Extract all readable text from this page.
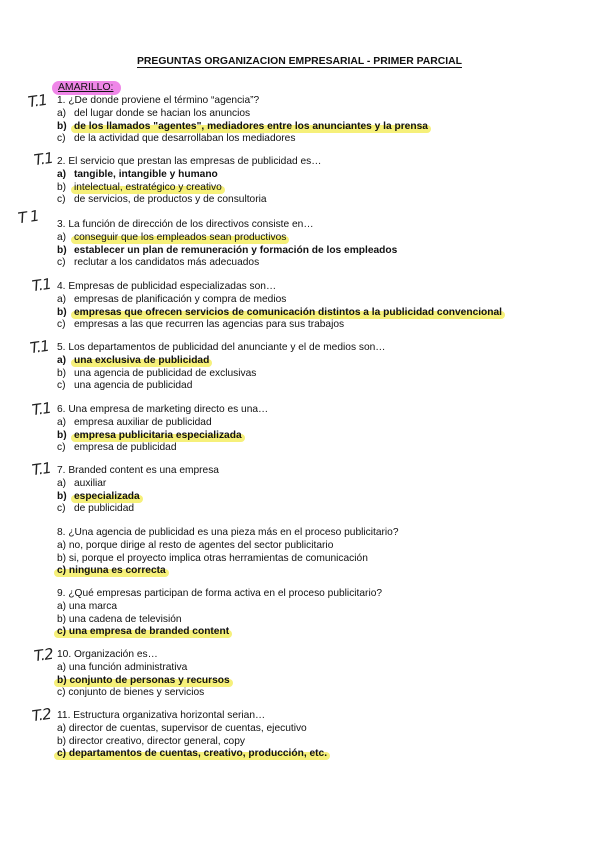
PREGUNTAS ORGANIZACION EMPRESARIAL - PRIMER PARCIAL
AMARILLO:
1. ¿De donde proviene el término “agencia”?
a) del lugar donde se hacian los anuncios
b) de los llamados "agentes", mediadores entre los anunciantes y la prensa
c) de la actividad que desarrollaban los mediadores
2. El servicio que prestan las empresas de publicidad es…
a) tangible, intangible y humano
b) intelectual, estratégico y creativo
c) de servicios, de productos y de consultoria
3. La función de dirección de los directivos consiste en…
a) conseguir que los empleados sean productivos
b) establecer un plan de remuneración y formación de los empleados
c) reclutar a los candidatos más adecuados
4. Empresas de publicidad especializadas son…
a) empresas de planificación y compra de medios
b) empresas que ofrecen servicios de comunicación distintos a la publicidad convencional
c) empresas a las que recurren las agencias para sus trabajos
5. Los departamentos de publicidad del anunciante y el de medios son…
a) una exclusiva de publicidad
b) una agencia de publicidad de exclusivas
c) una agencia de publicidad
6. Una empresa de marketing directo es una…
a) empresa auxiliar de publicidad
b) empresa publicitaria especializada
c) empresa de publicidad
7. Branded content es una empresa
a) auxiliar
b) especializada
c) de publicidad
8. ¿Una agencia de publicidad es una pieza más en el proceso publicitario?
a) no, porque dirige al resto de agentes del sector publicitario
b) si, porque el proyecto implica otras herramientas de comunicación
c) ninguna es correcta
9. ¿Qué empresas participan de forma activa en el proceso publicitario?
a) una marca
b) una cadena de televisión
c) una empresa de branded content
10. Organización es…
a) una función administrativa
b) conjunto de personas y recursos
c) conjunto de bienes y servicios
11. Estructura organizativa horizontal serian…
a) director de cuentas, supervisor de cuentas, ejecutivo
b) director creativo, director general, copy
c) departamentos de cuentas, creativo, producción, etc.
T.1
T.1
T 1
T.1
T.1
T.1
T.1
T.2
T.2
